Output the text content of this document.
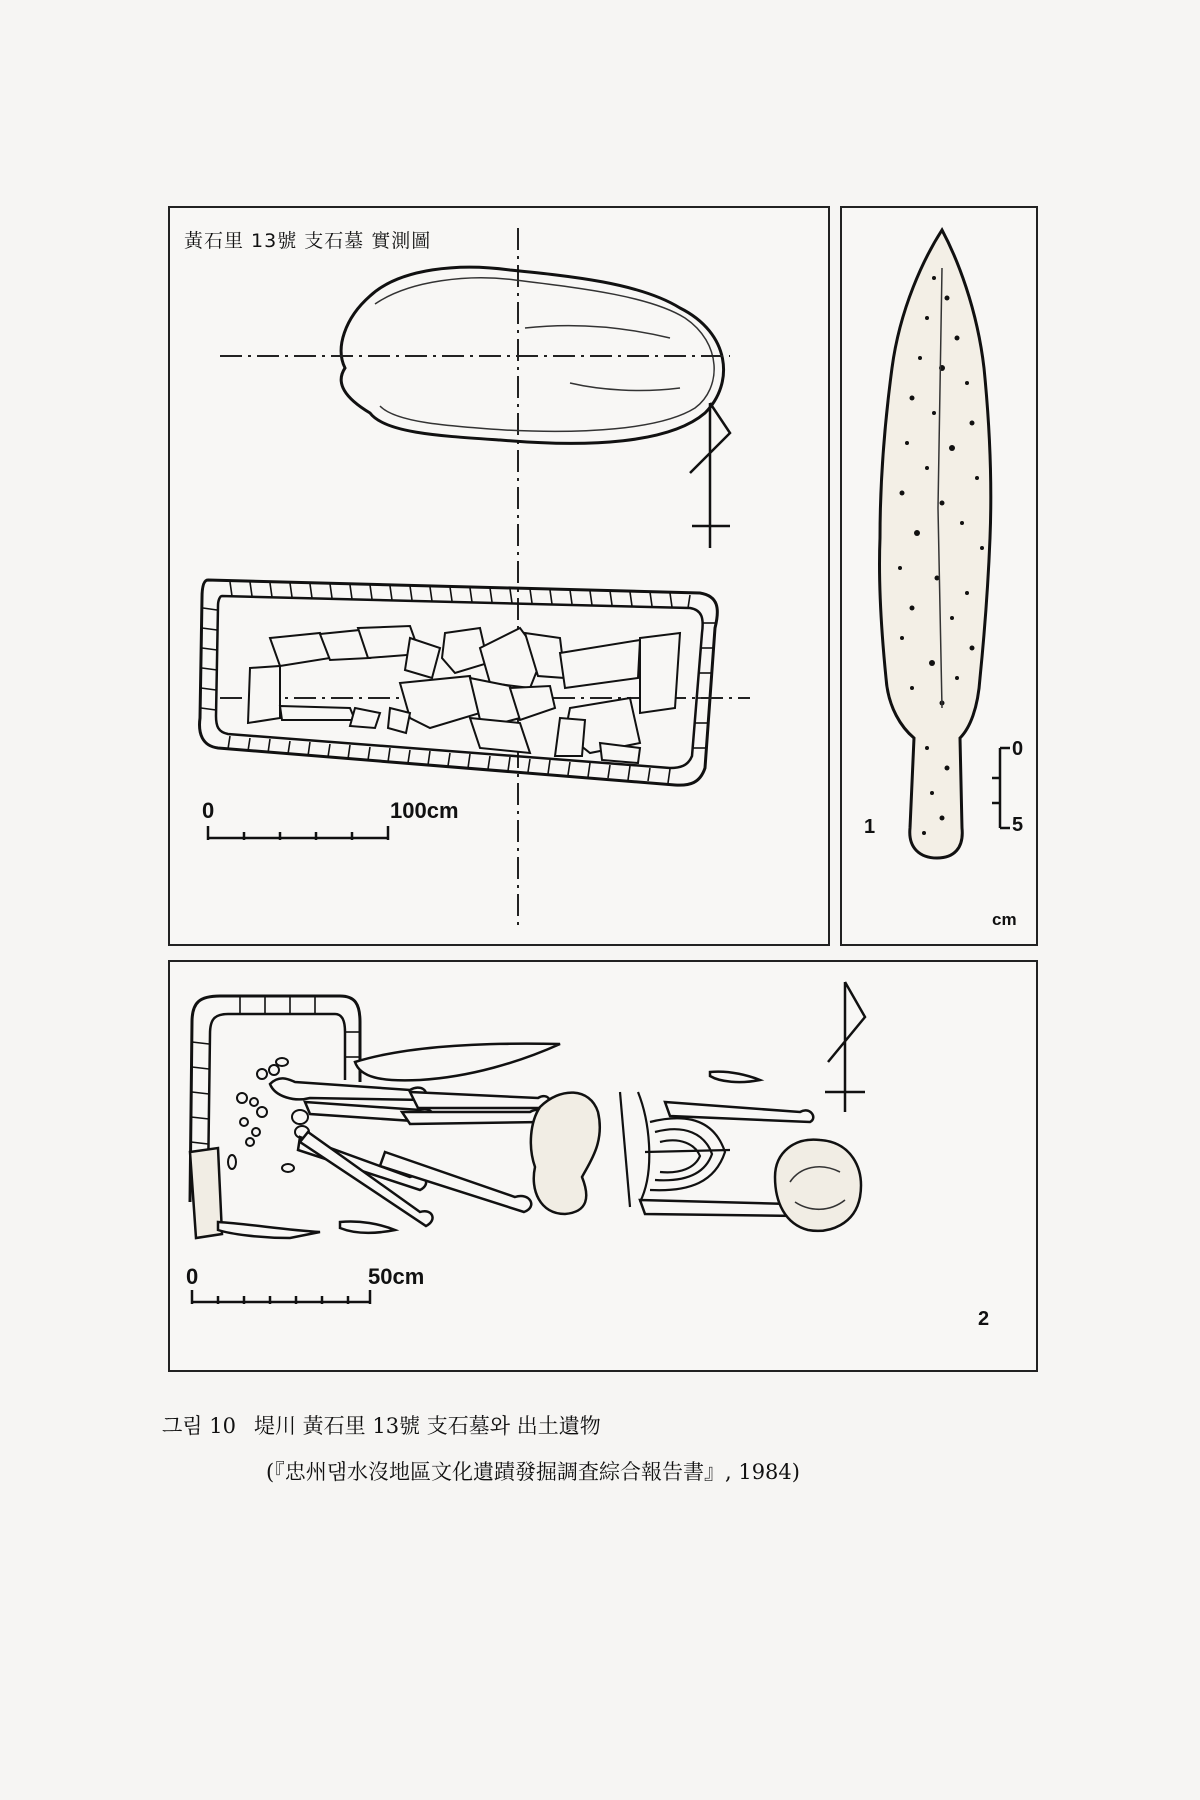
黃石里 13號 支石墓 實測圖
0	100cm
1
0
5
cm
0	50cm
2
그림 10 堤川 黃石里 13號 支石墓와 出土遺物
(『忠州댐水沒地區文化遺蹟發掘調査綜合報告書』, 1984)
